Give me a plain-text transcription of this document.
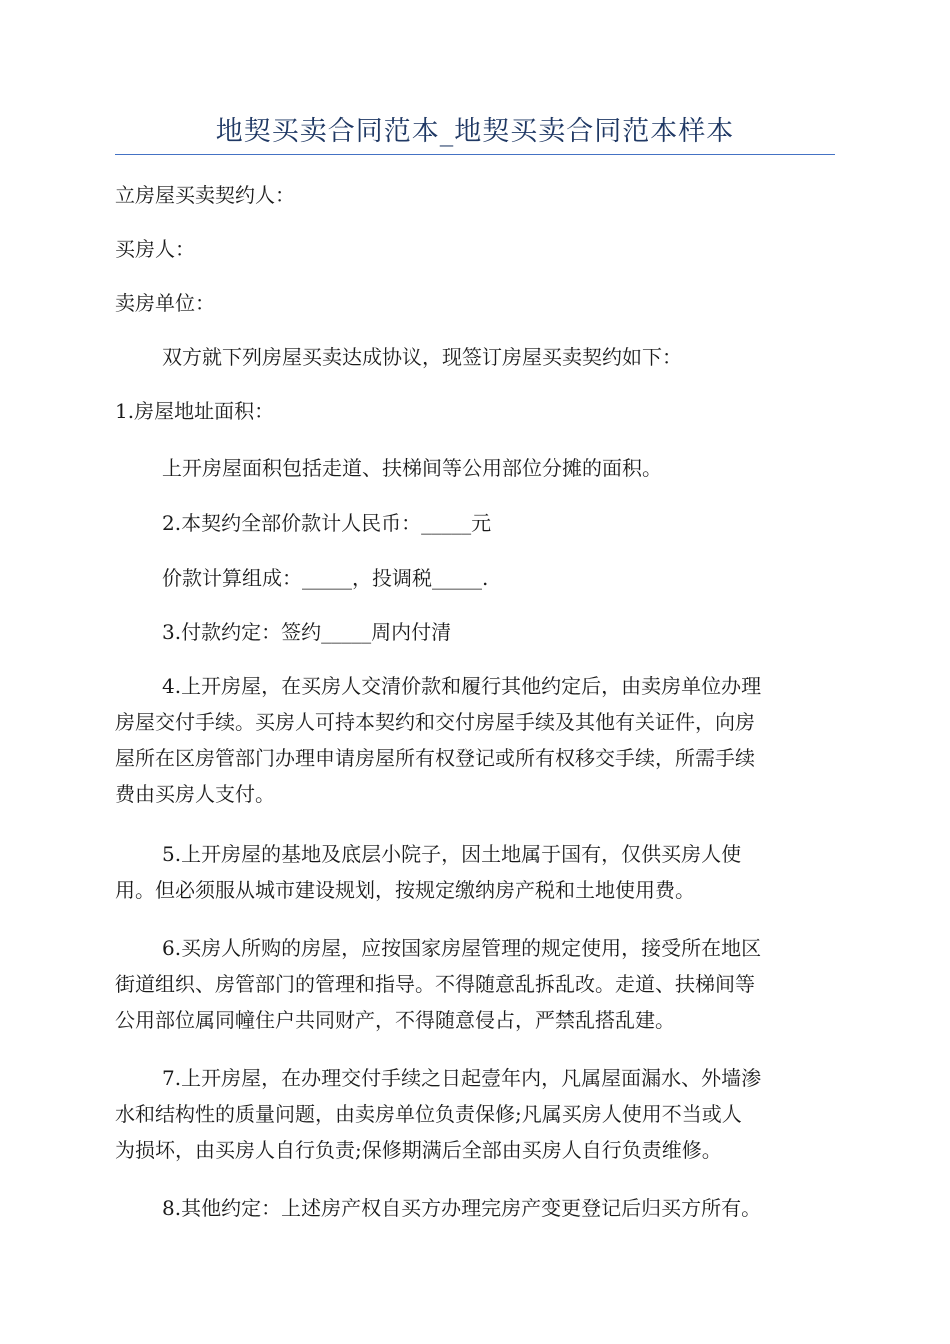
地契买卖合同范本_地契买卖合同范本样本

立房屋买卖契约人：

买房人：

卖房单位：

双方就下列房屋买卖达成协议，现签订房屋买卖契约如下：

1.房屋地址面积：

上开房屋面积包括走道、扶梯间等公用部位分摊的面积。

2.本契约全部价款计人民币：_____元

价款计算组成：_____，投调税_____.

3.付款约定：签约_____周内付清

4.上开房屋，在买房人交清价款和履行其他约定后，由卖房单位办理
房屋交付手续。买房人可持本契约和交付房屋手续及其他有关证件，向房
屋所在区房管部门办理申请房屋所有权登记或所有权移交手续，所需手续
费由买房人支付。
5.上开房屋的基地及底层小院子，因土地属于国有，仅供买房人使
用。但必须服从城市建设规划，按规定缴纳房产税和土地使用费。
6.买房人所购的房屋，应按国家房屋管理的规定使用，接受所在地区
街道组织、房管部门的管理和指导。不得随意乱拆乱改。走道、扶梯间等
公用部位属同幢住户共同财产，不得随意侵占，严禁乱搭乱建。
7.上开房屋，在办理交付手续之日起壹年内，凡属屋面漏水、外墙渗
水和结构性的质量问题，由卖房单位负责保修;凡属买房人使用不当或人
为损坏，由买房人自行负责;保修期满后全部由买房人自行负责维修。

8.其他约定：上述房产权自买方办理完房产变更登记后归买方所有。
